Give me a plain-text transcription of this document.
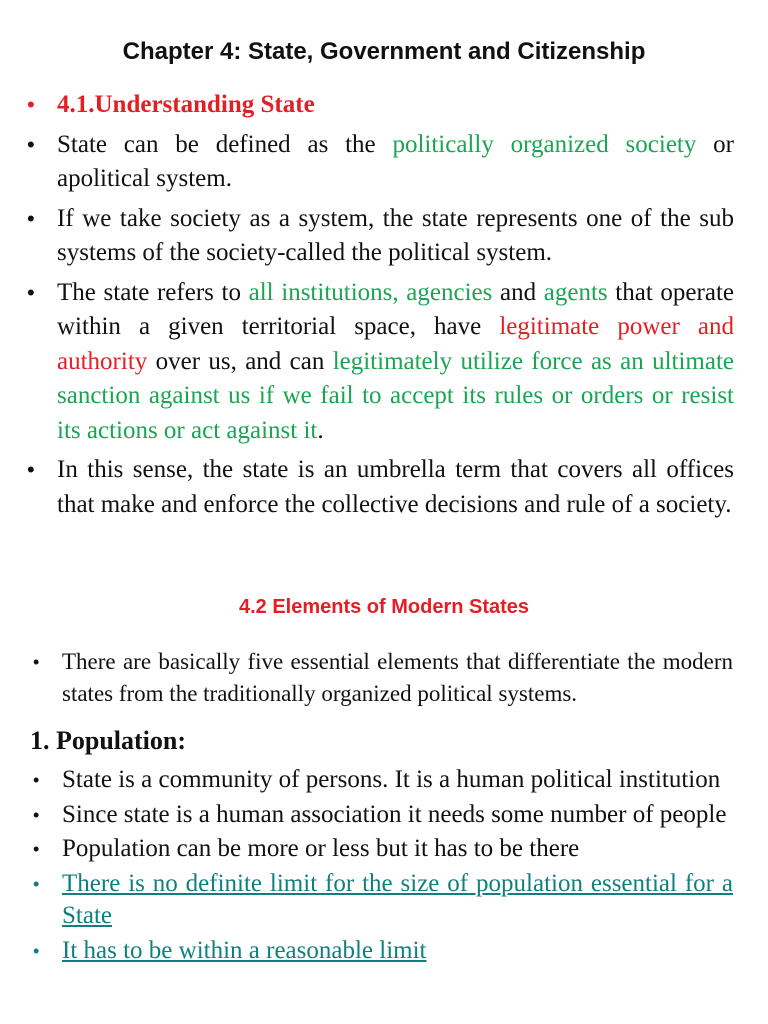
Chapter 4: State, Government and Citizenship
• 4.1.Understanding State
• State can be defined as the politically organized society or apolitical system.
• If we take society as a system, the state represents one of the sub systems of the society-called the political system.
• The state refers to all institutions, agencies and agents that operate within a given territorial space, have legitimate power and authority over us, and can legitimately utilize force as an ultimate sanction against us if we fail to accept its rules or orders or resist its actions or act against it.
• In this sense, the state is an umbrella term that covers all offices that make and enforce the collective decisions and rule of a society.
4.2 Elements of Modern States
• There are basically five essential elements that differentiate the modern states from the traditionally organized political systems.
1. Population:
• State is a community of persons. It is a human political institution
• Since state is a human association it needs some number of people
• Population can be more or less but it has to be there
• There is no definite limit for the size of population essential for a State
• It has to be within a reasonable limit
